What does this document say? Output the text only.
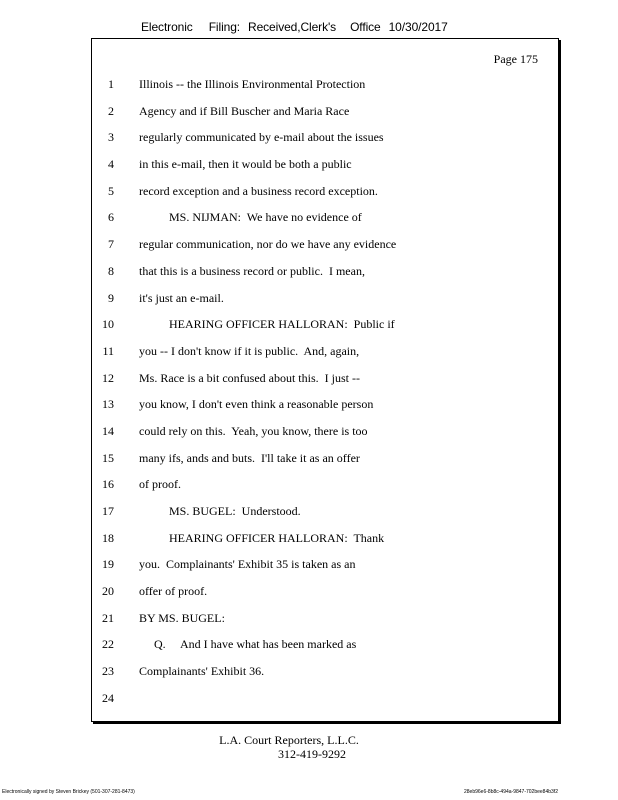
Electronic Filing: Received,Clerk's Office 10/30/2017
Page 175
1 Illinois -- the Illinois Environmental Protection
2 Agency and if Bill Buscher and Maria Race
3 regularly communicated by e-mail about the issues
4 in this e-mail, then it would be both a public
5 record exception and a business record exception.
6 MS. NIJMAN:  We have no evidence of
7 regular communication, nor do we have any evidence
8 that this is a business record or public.  I mean,
9 it's just an e-mail.
10 HEARING OFFICER HALLORAN:  Public if
11 you -- I don't know if it is public.  And, again,
12 Ms. Race is a bit confused about this.  I just --
13 you know, I don't even think a reasonable person
14 could rely on this.  Yeah, you know, there is too
15 many ifs, ands and buts.  I'll take it as an offer
16 of proof.
17 MS. BUGEL:  Understood.
18 HEARING OFFICER HALLORAN:  Thank
19 you.  Complainants' Exhibit 35 is taken as an
20 offer of proof.
21 BY MS. BUGEL:
22 Q.     And I have what has been marked as
23 Complainants' Exhibit 36.
24
L.A. Court Reporters, L.L.C.
312-419-9292
Electronically signed by Steven Brickey (501-307-281-8473)	28eb96e6-8b8c-494a-9847-702bee84b3f2
